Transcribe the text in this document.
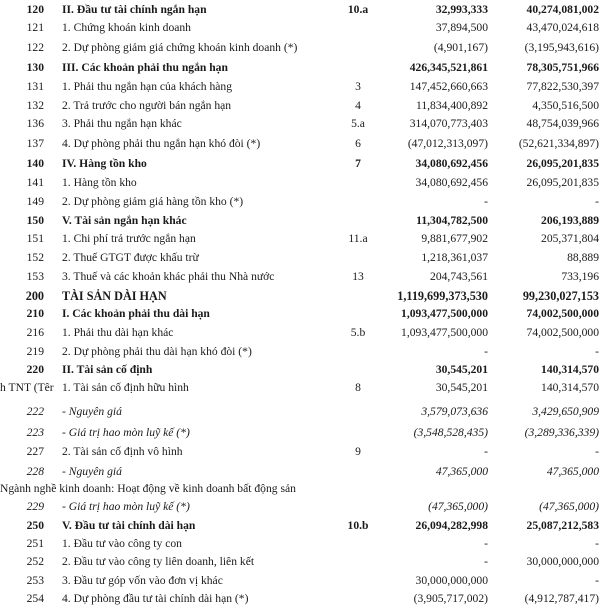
120 II. Đầu tư tài chính ngắn hạn	10.a	32,993,333	40,274,081,002
121 1. Chứng khoán kinh doanh	37,894,500	43,470,024,618
122 2. Dự phòng giảm giá chứng khoán kinh doanh (*)	(4,901,167)	(3,195,943,616)
130 III. Các khoản phải thu ngắn hạn	426,345,521,861	78,305,751,966
131 1. Phải thu ngắn hạn của khách hàng	3	147,452,660,663	77,822,530,397
132 2. Trả trước cho người bán ngắn hạn	4	11,834,400,892	4,350,516,500
136 3. Phải thu ngắn hạn khác	5.a	314,070,773,403	48,754,039,966
137 4. Dự phòng phải thu ngắn hạn khó đòi (*)	6	(47,012,313,097)	(52,621,334,897)
140 IV. Hàng tồn kho	7	34,080,692,456	26,095,201,835
141 1. Hàng tồn kho	34,080,692,456	26,095,201,835
149 2. Dự phòng giảm giá hàng tồn kho (*)	-	-
150 V. Tài sản ngắn hạn khác	11,304,782,500	206,193,889
151 1. Chi phí trả trước ngắn hạn	11.a	9,881,677,902	205,371,804
152 2. Thuế GTGT được khấu trừ	1,218,361,037	88,889
153 3. Thuế và các khoản khác phải thu Nhà nước	13	204,743,561	733,196
200 TÀI SẢN DÀI HẠN	1,119,699,373,530	99,230,027,153
210 I. Các khoản phải thu dài hạn	1,093,477,500,000	74,002,500,000
216 1. Phải thu dài hạn khác	5.b	1,093,477,500,000	74,002,500,000
219 2. Dự phòng phải thu dài hạn khó đòi (*)	-	-
220 II. Tài sản cố định	30,545,201	140,314,570
h TNT (Têr 1. Tài sản cố định hữu hình	8	30,545,201	140,314,570
222 - Nguyên giá	3,579,073,636	3,429,650,909
223 - Giá trị hao mòn luỹ kế (*)	(3,548,528,435)	(3,289,336,339)
227 2. Tài sản cố định vô hình	9	-	-
228 - Nguyên giá	47,365,000	47,365,000
Ngành nghề kinh doanh: Hoạt động về kinh doanh bất động sản
229 - Giá trị hao mòn luỹ kế (*)	(47,365,000)	(47,365,000)
250 V. Đầu tư tài chính dài hạn	10.b	26,094,282,998	25,087,212,583
251 1. Đầu tư vào công ty con	-	-
252 2. Đầu tư vào công ty liên doanh, liên kết	-	30,000,000,000
253 3. Đầu tư góp vốn vào đơn vị khác	30,000,000,000	-
254 4. Dự phòng đầu tư tài chính dài hạn (*)	(3,905,717,002)	(4,912,787,417)
